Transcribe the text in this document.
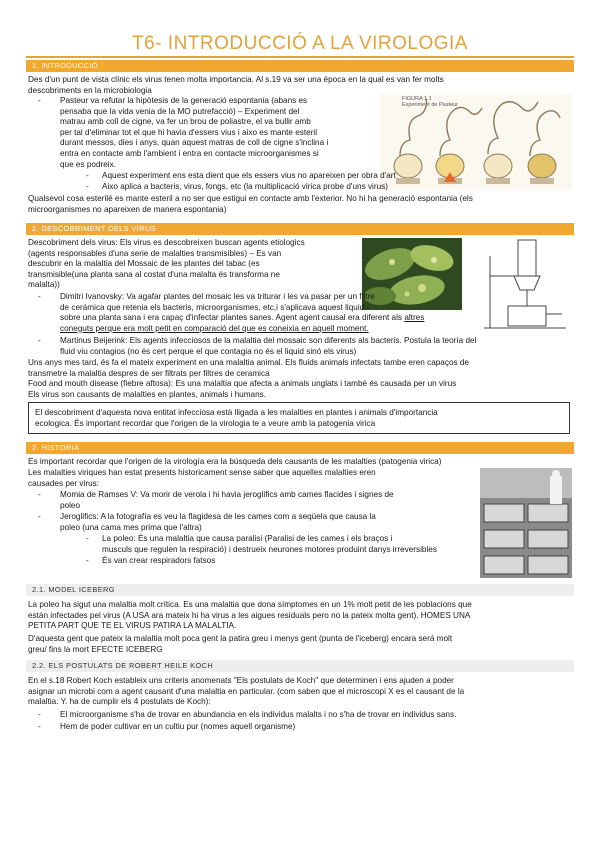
T6- INTRODUCCIÓ A LA VIROLOGIA
1. INTRODUCCIÓ
Des d'un punt de vista clínic els virus tenen molta importancia. Al s.19 va ser una época en la qual es van fer molts
descobriments en la microbiologia
- Pasteur va refutar la hipòtesis de la generació espontania (abans es
pensaba que la vida venia de la MO putrefacció) – Experiment del
matrau amb coll de cigne, va fer un brou de poliastre, el va bullir amb
per tal d'eliminar tot el que hi havia d'essers vius i aixo es mante esteril
durant messos, dies i anys, quan aquest matras de coll de cigne s'inclina i
entra en contacte amb l'ambient i entra en contacte microorganismes si
que es podreix.
FIGURA 1.1
Experiment de Pasteur
- Aquest experiment ens esta dient que els essers vius no apareixen per obra d'art
- Aixo aplica a bacteris, virus, fongs, etc (la multiplicació virica probe d'uns virus)
Qualsevol cosa esterilé es mante esteril a no ser que estigui en contacte amb l'exterior. No hi ha generació espontania (els
microorganismes no apareixen de manera espontania)
2. DESCOBRIMENT DELS VIRUS
Descobriment dels virus: Els virus es descobreixen buscan agents etiologics
(agents responsables d'una serie de malalties transmisibles) – Es van
descubrir en la malaltia del Mossaic de les plantes del tabac (es
transmisible(una planta sana al costat d'una malalta és transforma ne
malalta))
- Dimitri Ivanovsky: Va agafar plantes del mosaic les va triturar i les va pasar per un filtre
de cerámica que retenia els bacteris, microorganismes, etc,i s'aplicava aquest liquid
sobre una planta sana i era capaç d'infectar plantes sanes. Agent agent causal era diferent als altres
coneguts perque era molt petit en comparació del que es coneixia en aquell moment.
- Martinus Beijerink: Els agents infecciosos de la malaltia del mossaic son diferents als bacteris. Postula la teoría del
fluid viu contagios (no és cert perque el que contagia no és el liquid sinó els virus)
Uns anys mes tard, és fa el mateix experiment en una malaltia animal. Els fluids animals infectats tambe eren capaços de
transmetre la malaltia despres de ser filtrats per filtres de ceramica
Food and mouth disease (fiebre aftosa): Es una malaltia que afecta a animals unglats i també és causada per un virus
Els virus son causants de malalties en plantes, animals i humans.
El descobriment d'aquesta nova entitat infecciosa està lligada a les malalties en plantes i animals d'importancia
ecologica. És important recordar que l'origen de la virologia te a veure amb la patogenia virica
2. HISTORIA
Es important recordar que l'origen de la virología era la búsqueda dels causants de les malalties (patogenia virica)
Les malalties viriques han estat presents historicament sense saber que aquelles malalties eren
causades per virus:
- Momia de Ramses V: Va morir de verola i hi havia jeroglifics amb cames flacides i signes de
poleo
- Jeroglifics: A la fotografía es veu la flagidesa de les cames com a seqüela que causa la
poleo (una cama mes prima que l'altra)
- La poleo: És una malaltia que causa paralisi (Paralisi de les cames i els braços i
musculs que regulen la respiració) i destrueix neurones motores produint danys irreversibles
- És van crear respiradors fatsos
2.1. MODEL ICEBERG
La poleo ha sigut una malaltia molt crítica. Es una malaltia que dona símptomes en un 1% molt petit de les poblacions que
están infectades pel virus (A USA ara mateix hi ha virus a les aigues residuals pero no la pateix molta gent). HOMES UNA
PETITA PART QUE TE EL VIRUS PATIRA LA MALALTIA.
D'aquesta gent que pateix la malaltia molt poca gent la patira greu i menys gent (punta de l'iceberg) encara será molt
greu/ fins la mort EFECTE ICEBERG
2.2. ELS POSTULATS DE ROBERT HEILE KOCH
En el s.18 Robert Koch estableix uns criteris anomenats "Els postulats de Koch" que determinen i ens ajuden a poder
asignar un microbi com a agent causant d'una malaltia en particular. (com saben que el microscopi X es el causant de la
malaltia. Y. ha de cumplir els 4 postulats de Koch):
- El microorganisme s'ha de trovar en abundancia en els individus malalts i no s'ha de trovar en individus sans.
- Hem de poder cultivar en un cultiu pur (nomes aquell organisme)
